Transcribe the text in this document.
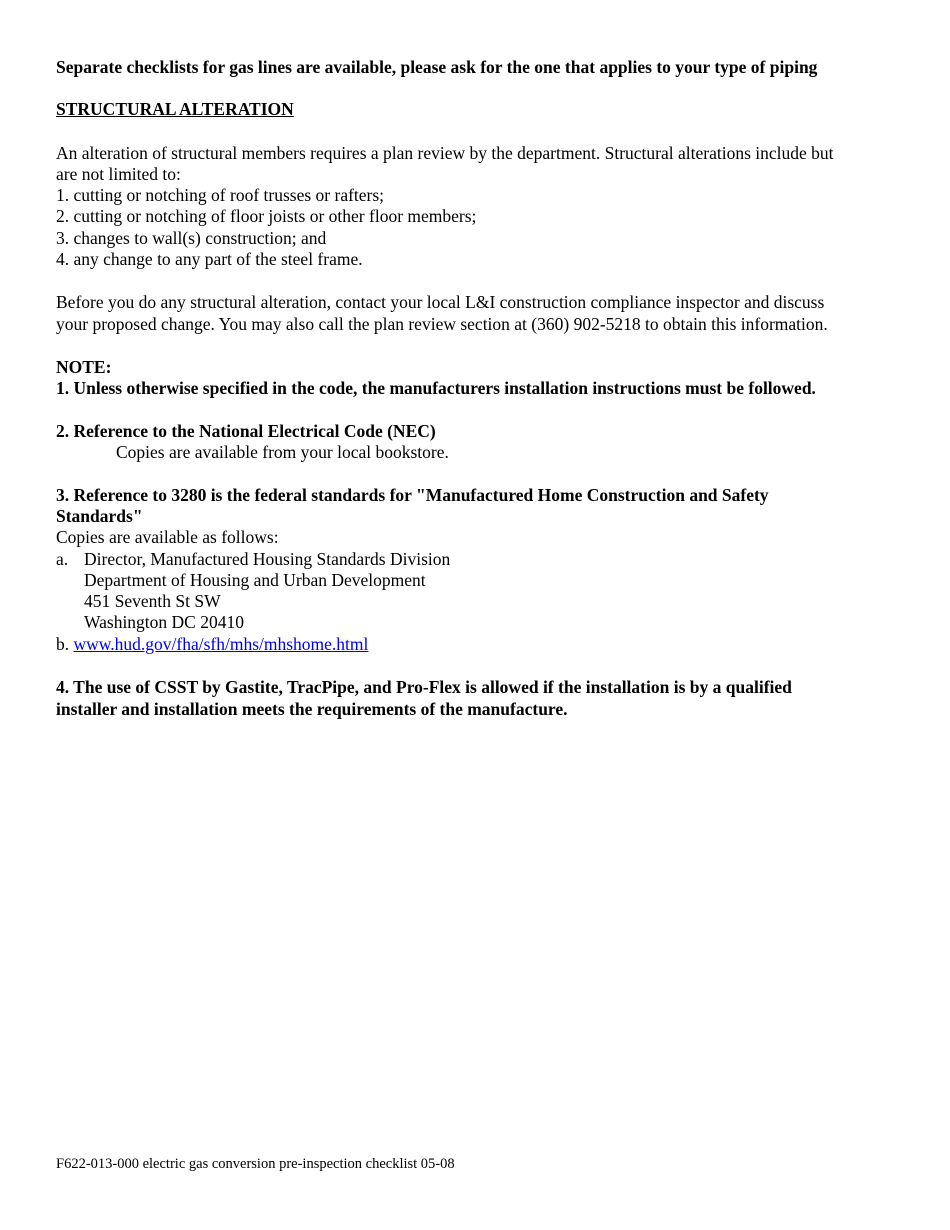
Separate checklists for gas lines are available, please ask for the one that applies to your type of piping
STRUCTURAL ALTERATION
An alteration of structural members requires a plan review by the department. Structural alterations include but
are not limited to:
1. cutting or notching of roof trusses or rafters;
2. cutting or notching of floor joists or other floor members;
3. changes to wall(s) construction; and
4. any change to any part of the steel frame.
Before you do any structural alteration, contact your local L&I construction compliance inspector and discuss
your proposed change. You may also call the plan review section at (360) 902-5218 to obtain this information.
NOTE:
1. Unless otherwise specified in the code, the manufacturers installation instructions must be followed.
2. Reference to the National Electrical Code (NEC)
Copies are available from your local bookstore.
3. Reference to 3280 is the federal standards for "Manufactured Home Construction and Safety
Standards"
Copies are available as follows:
a. Director, Manufactured Housing Standards Division
Department of Housing and Urban Development
451 Seventh St SW
Washington DC 20410
b. www.hud.gov/fha/sfh/mhs/mhshome.html
4. The use of CSST by Gastite, TracPipe, and Pro-Flex is allowed if the installation is by a qualified
installer and installation meets the requirements of the manufacture.
F622-013-000 electric gas conversion pre-inspection checklist 05-08
